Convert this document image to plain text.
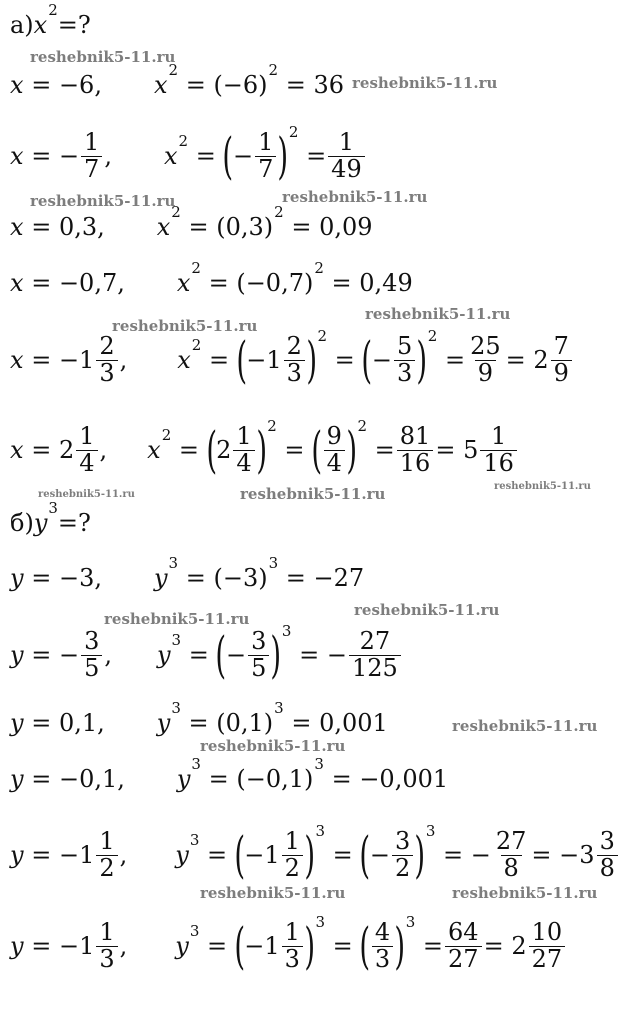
а) x
2
=?
x
=
−6, x
2

=
(−6)
2

=
36
x
=
− $\frac{1}{7}$ , x
2

=
( − $\frac{1}{7}$ ) 2

= $\frac{1}{49}$
x
=
0,3, x
2

=
(0,3)
2

=
0,09
x
=
−0,7, x
2

=
(−0,7)
2

=
0,49
x
=
$-1 \frac{2}{3}$ , x
2

=
( $-1 \frac{2}{3}$ ) 2

=
( − $\frac{5}{3}$ ) 2

= $\frac{25}{9}$ =
$2 \frac{7}{9}$
x
=
$2 \frac{1}{4}$ , x
2

=
( $2 \frac{1}{4}$ ) 2

=
( $\frac{9}{4}$ ) 2

= $\frac{81}{16}$ =
$5 \frac{1}{16}$
б) y
3
=?
y
=
−3, y
3

=
(−3)
3

=
−27
y
=
− $\frac{3}{5}$ , y
3

=
( − $\frac{3}{5}$ ) 3

=
− $\frac{27}{125}$
y
=
0,1, y
3

=
(0,1)
3

=
0,001
y
=
−0,1, y
3

=
(−0,1)
3

=
−0,001
y
=
$-1 \frac{1}{2}$ , y
3

=
( $-1 \frac{1}{2}$ ) 3

=
( − $\frac{3}{2}$ ) 3

=
− $\frac{27}{8}$ =
$-3 \frac{3}{8}$
y
=
$-1 \frac{1}{3}$ , y
3

=
( $-1 \frac{1}{3}$ ) 3

=
( $\frac{4}{3}$ ) 3

= $\frac{64}{27}$ =
$2 \frac{10}{27}$
reshebnik5-11.ru
reshebnik5-11.ru
reshebnik5-11.ru	reshebnik5-11.ru
reshebnik5-11.ru
reshebnik5-11.ru
reshebnik5-11.ru	reshebnik5-11.ru	reshebnik5-11.ru
reshebnik5-11.ru
reshebnik5-11.ru
reshebnik5-11.ru
reshebnik5-11.ru
reshebnik5-11.ru	reshebnik5-11.ru
